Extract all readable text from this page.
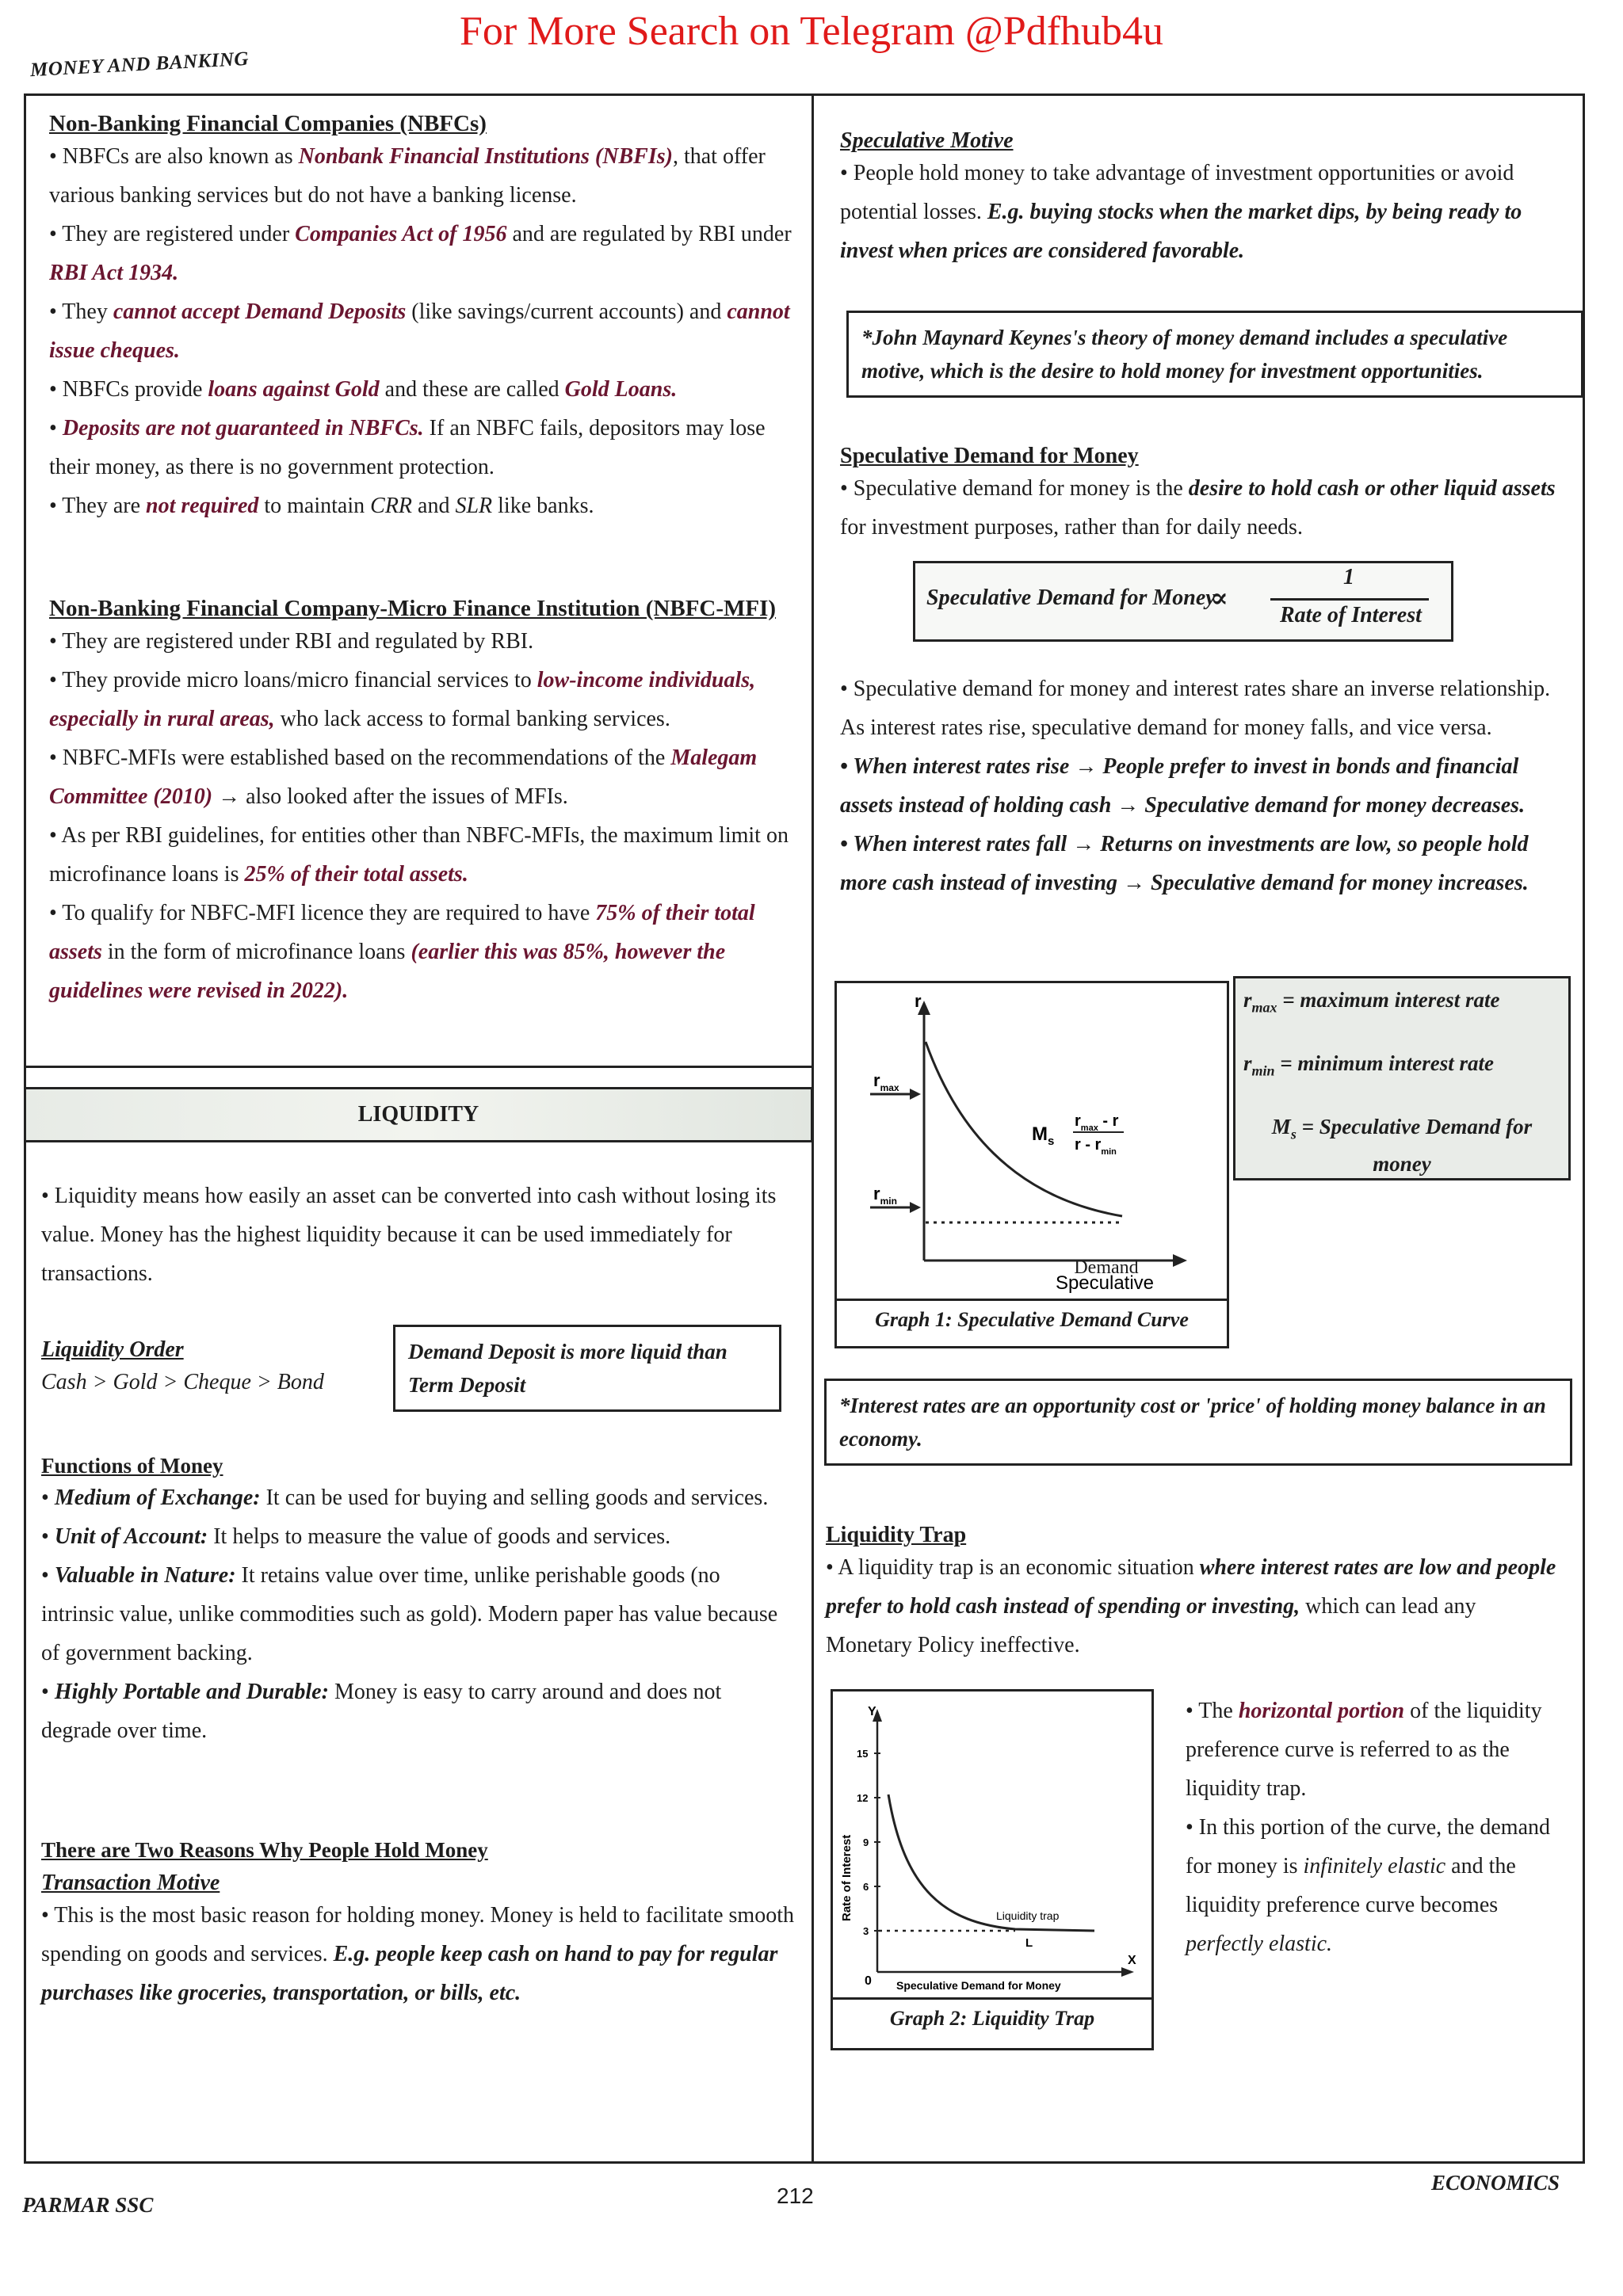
For More Search on Telegram @Pdfhub4u
MONEY AND BANKING
Non-Banking Financial Companies (NBFCs)

• NBFCs are also known as Nonbank Financial Institutions (NBFIs), that offer various banking services but do not have a banking license.

• They are registered under Companies Act of 1956 and are regulated by RBI under RBI Act 1934.

• They cannot accept Demand Deposits (like savings/current accounts) and cannot issue cheques.

• NBFCs provide loans against Gold and these are called Gold Loans.

• Deposits are not guaranteed in NBFCs. If an NBFC fails, depositors may lose their money, as there is no government protection.

• They are not required to maintain CRR and SLR like banks.

Non-Banking Financial Company-Micro Finance Institution (NBFC-MFI)

• They are registered under RBI and regulated by RBI.

• They provide micro loans/micro financial services to low-income individuals, especially in rural areas, who lack access to formal banking services.

• NBFC-MFIs were established based on the recommendations of the Malegam Committee (2010) → also looked after the issues of MFIs.

• As per RBI guidelines, for entities other than NBFC-MFIs, the maximum limit on microfinance loans is 25% of their total assets.

• To qualify for NBFC-MFI licence they are required to have 75% of their total assets in the form of microfinance loans (earlier this was 85%, however the guidelines were revised in 2022).

LIQUIDITY

• Liquidity means how easily an asset can be converted into cash without losing its value. Money has the highest liquidity because it can be used immediately for transactions.

Liquidity Order

Cash > Gold > Cheque > Bond

Demand Deposit is more liquid than Term Deposit
Functions of Money

• Medium of Exchange: It can be used for buying and selling goods and services.

• Unit of Account: It helps to measure the value of goods and services.

• Valuable in Nature: It retains value over time, unlike perishable goods (no intrinsic value, unlike commodities such as gold). Modern paper has value because of government backing.

• Highly Portable and Durable: Money is easy to carry around and does not degrade over time.

There are Two Reasons Why People Hold Money
Transaction Motive

• This is the most basic reason for holding money. Money is held to facilitate smooth spending on goods and services. E.g. people keep cash on hand to pay for regular purchases like groceries, transportation, or bills, etc.

Speculative Motive

• People hold money to take advantage of investment opportunities or avoid potential losses. E.g. buying stocks when the market dips, by being ready to invest when prices are considered favorable.

*John Maynard Keynes's theory of money demand includes a speculative motive, which is the desire to hold money for investment opportunities.
Speculative Demand for Money

• Speculative demand for money is the desire to hold cash or other liquid assets for investment purposes, rather than for daily needs.

Speculative Demand for Money
∝
1
Rate of Interest

• Speculative demand for money and interest rates share an inverse relationship. As interest rates rise, speculative demand for money falls, and vice versa.

• When interest rates rise → People prefer to invest in bonds and financial assets instead of holding cash → Speculative demand for money decreases.

• When interest rates fall → Returns on investments are low, so people hold more cash instead of investing → Speculative demand for money increases.

r
$r_{max}$
$r_{min}$
$M_s$
$r_{max}$ - r
r - $r_{min}$
Speculative
Demand
Graph 1: Speculative Demand Curve
$r_{max}$ = maximum interest rate
$r_{min}$ = minimum interest rate
$M_s$ = Speculative Demand for money
*Interest rates are an opportunity cost or 'price' of holding money balance in an economy.
Liquidity Trap

• A liquidity trap is an economic situation where interest rates are low and people prefer to hold cash instead of spending or investing, which can lead any Monetary Policy ineffective.

Y
X
0
15
12
9
6
3
Rate of Interest	Liquidity trap
L
Speculative Demand for Money
Graph 2: Liquidity Trap

• The horizontal portion of the liquidity preference curve is referred to as the liquidity trap.

• In this portion of the curve, the demand for money is infinitely elastic and the liquidity preference curve becomes perfectly elastic.

PARMAR SSC	212
ECONOMICS
